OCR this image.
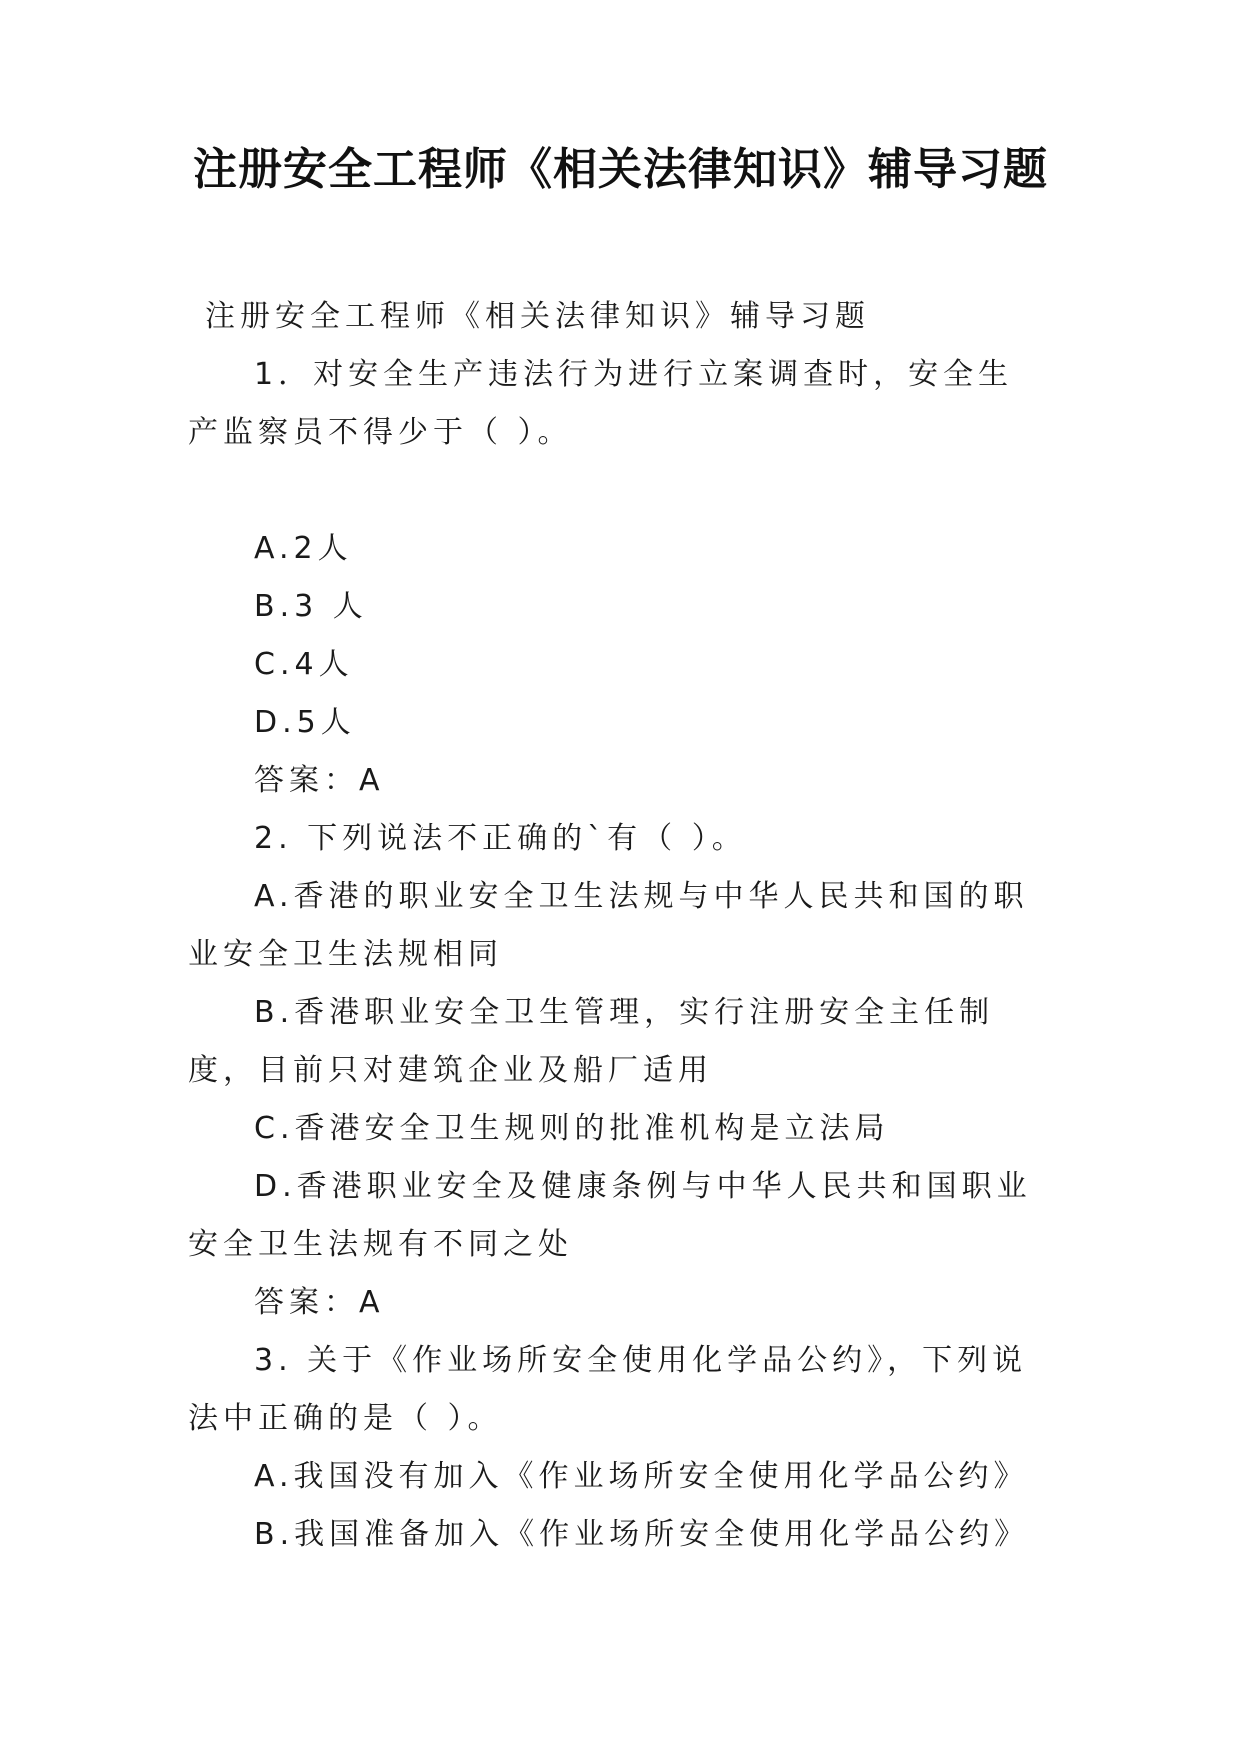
注册安全工程师《相关法律知识》辅导习题

注册安全工程师《相关法律知识》辅导习题

1．对安全生产违法行为进行立案调查时，安全生产监察员不得少于（ ）。

A.2人

B.3 人

C.4人

D.5人

答案：A

2. 下列说法不正确的`有（ ）。

A.香港的职业安全卫生法规与中华人民共和国的职业安全卫生法规相同

B.香港职业安全卫生管理，实行注册安全主任制度，目前只对建筑企业及船厂适用

C.香港安全卫生规则的批准机构是立法局

D.香港职业安全及健康条例与中华人民共和国职业安全卫生法规有不同之处

答案：A

3. 关于《作业场所安全使用化学品公约》，下列说法中正确的是（ ）。

A.我国没有加入《作业场所安全使用化学品公约》

B.我国准备加入《作业场所安全使用化学品公约》
